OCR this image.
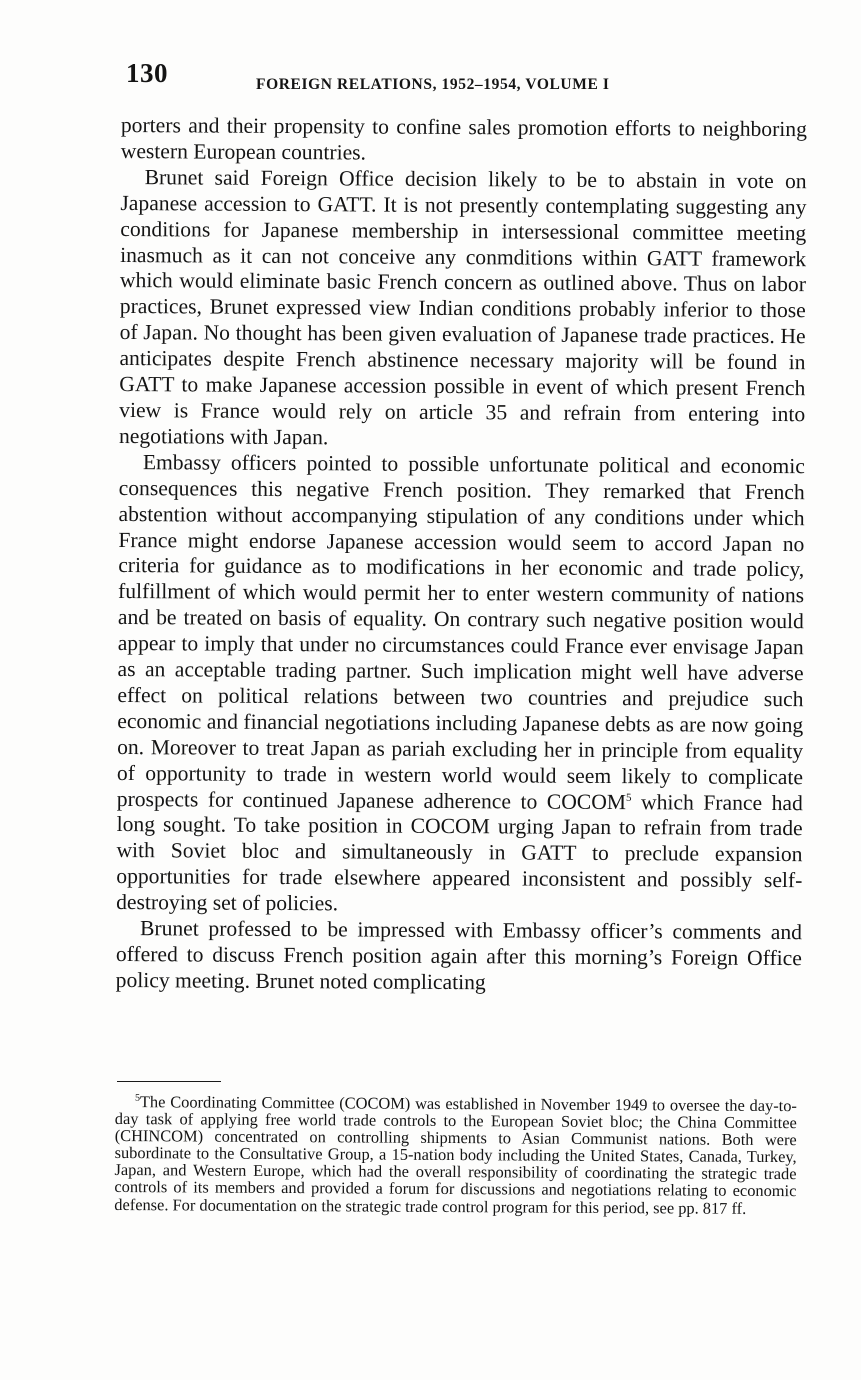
130	FOREIGN RELATIONS, 1952–1954, VOLUME I

porters and their propensity to confine sales promotion efforts to neighboring western European countries.

Brunet said Foreign Office decision likely to be to abstain in vote on Japanese accession to GATT. It is not presently contemplating suggesting any conditions for Japanese membership in intersessional committee meeting inasmuch as it can not conceive any conmditions within GATT framework which would eliminate basic French concern as outlined above. Thus on labor practices, Brunet expressed view Indian conditions probably inferior to those of Japan. No thought has been given evaluation of Japanese trade practices. He anticipates despite French abstinence necessary majority will be found in GATT to make Japanese accession possible in event of which present French view is France would rely on article 35 and refrain from entering into negotiations with Japan.

Embassy officers pointed to possible unfortunate political and economic consequences this negative French position. They remarked that French abstention without accompanying stipulation of any conditions under which France might endorse Japanese accession would seem to accord Japan no criteria for guidance as to modifications in her economic and trade policy, fulfillment of which would permit her to enter western community of nations and be treated on basis of equality. On contrary such negative position would appear to imply that under no circumstances could France ever envisage Japan as an acceptable trading partner. Such implication might well have adverse effect on political relations between two countries and prejudice such economic and financial negotiations including Japanese debts as are now going on. Moreover to treat Japan as pariah excluding her in principle from equality of opportunity to trade in western world would seem likely to complicate prospects for continued Japanese adherence to COCOM$^5$ which France had long sought. To take position in COCOM urging Japan to refrain from trade with Soviet bloc and simultaneously in GATT to preclude expansion opportunities for trade elsewhere appeared inconsistent and possibly self-destroying set of policies.

Brunet professed to be impressed with Embassy officer’s comments and offered to discuss French position again after this morning’s Foreign Office policy meeting. Brunet noted complicating

$^5$The Coordinating Committee (COCOM) was established in November 1949 to oversee the day-to-day task of applying free world trade controls to the European Soviet bloc; the China Committee (CHINCOM) concentrated on controlling shipments to Asian Communist nations. Both were subordinate to the Consultative Group, a 15-nation body including the United States, Canada, Turkey, Japan, and Western Europe, which had the overall responsibility of coordinating the strategic trade controls of its members and provided a forum for discussions and negotiations relating to economic defense. For documentation on the strategic trade control program for this period, see pp. 817 ff.
